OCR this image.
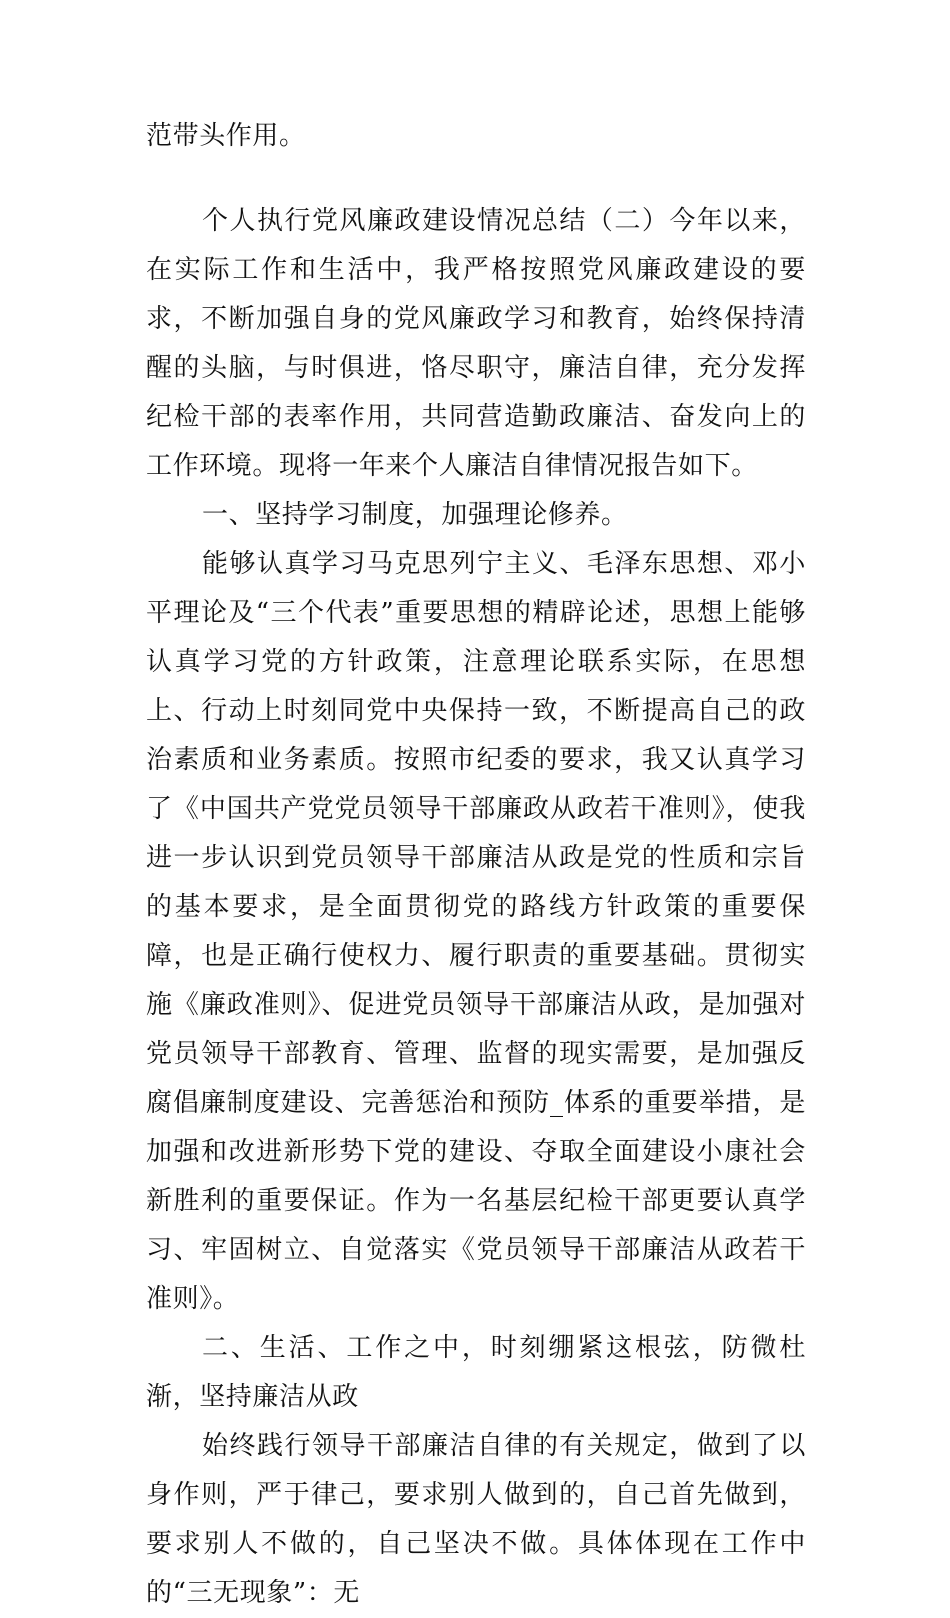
范带头作用。

个人执行党风廉政建设情况总结（二）今年以来，在实际工作和生活中，我严格按照党风廉政建设的要求，不断加强自身的党风廉政学习和教育，始终保持清醒的头脑，与时俱进，恪尽职守，廉洁自律，充分发挥纪检干部的表率作用，共同营造勤政廉洁、奋发向上的工作环境。现将一年来个人廉洁自律情况报告如下。

一、坚持学习制度，加强理论修养。

能够认真学习马克思列宁主义、毛泽东思想、邓小平理论及“三个代表”重要思想的精辟论述，思想上能够认真学习党的方针政策，注意理论联系实际，在思想上、行动上时刻同党中央保持一致，不断提高自己的政治素质和业务素质。按照市纪委的要求，我又认真学习了《中国共产党党员领导干部廉政从政若干准则》，使我进一步认识到党员领导干部廉洁从政是党的性质和宗旨的基本要求，是全面贯彻党的路线方针政策的重要保障，也是正确行使权力、履行职责的重要基础。贯彻实施《廉政准则》、促进党员领导干部廉洁从政，是加强对党员领导干部教育、管理、监督的现实需要，是加强反腐倡廉制度建设、完善惩治和预防_体系的重要举措，是加强和改进新形势下党的建设、夺取全面建设小康社会新胜利的重要保证。作为一名基层纪检干部更要认真学习、牢固树立、自觉落实《党员领导干部廉洁从政若干准则》。

二、生活、工作之中，时刻绷紧这根弦，防微杜渐，坚持廉洁从政

始终践行领导干部廉洁自律的有关规定，做到了以身作则，严于律己，要求别人做到的，自己首先做到，要求别人不做的，自己坚决不做。具体体现在工作中的“三无现象”：无
